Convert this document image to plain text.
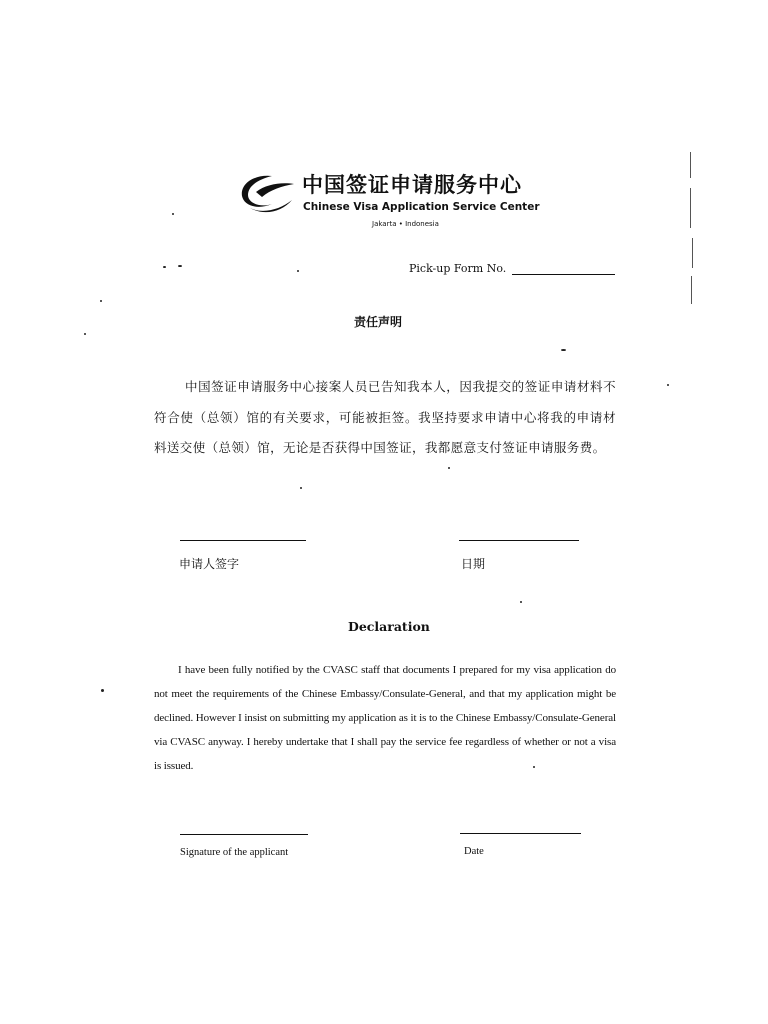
中国签证申请服务中心
Chinese Visa Application Service Center
Jakarta • Indonesia
Pick-up Form No.
责任声明

中国签证申请服务中心接案人员已告知我本人，因我提交的签证申请材料不符合使（总领）馆的有关要求，可能被拒签。我坚持要求申请中心将我的申请材料送交使（总领）馆，无论是否获得中国签证，我都愿意支付签证申请服务费。

申请人签字	日期
Declaration

I have been fully notified by the CVASC staff that documents I prepared for my visa application do not meet the requirements of the Chinese Embassy/Consulate-General, and that my application might be declined. However I insist on submitting my application as it is to the Chinese Embassy/Consulate-General via CVASC anyway. I hereby undertake that I shall pay the service fee regardless of whether or not a visa is issued.

Signature of the applicant	Date
